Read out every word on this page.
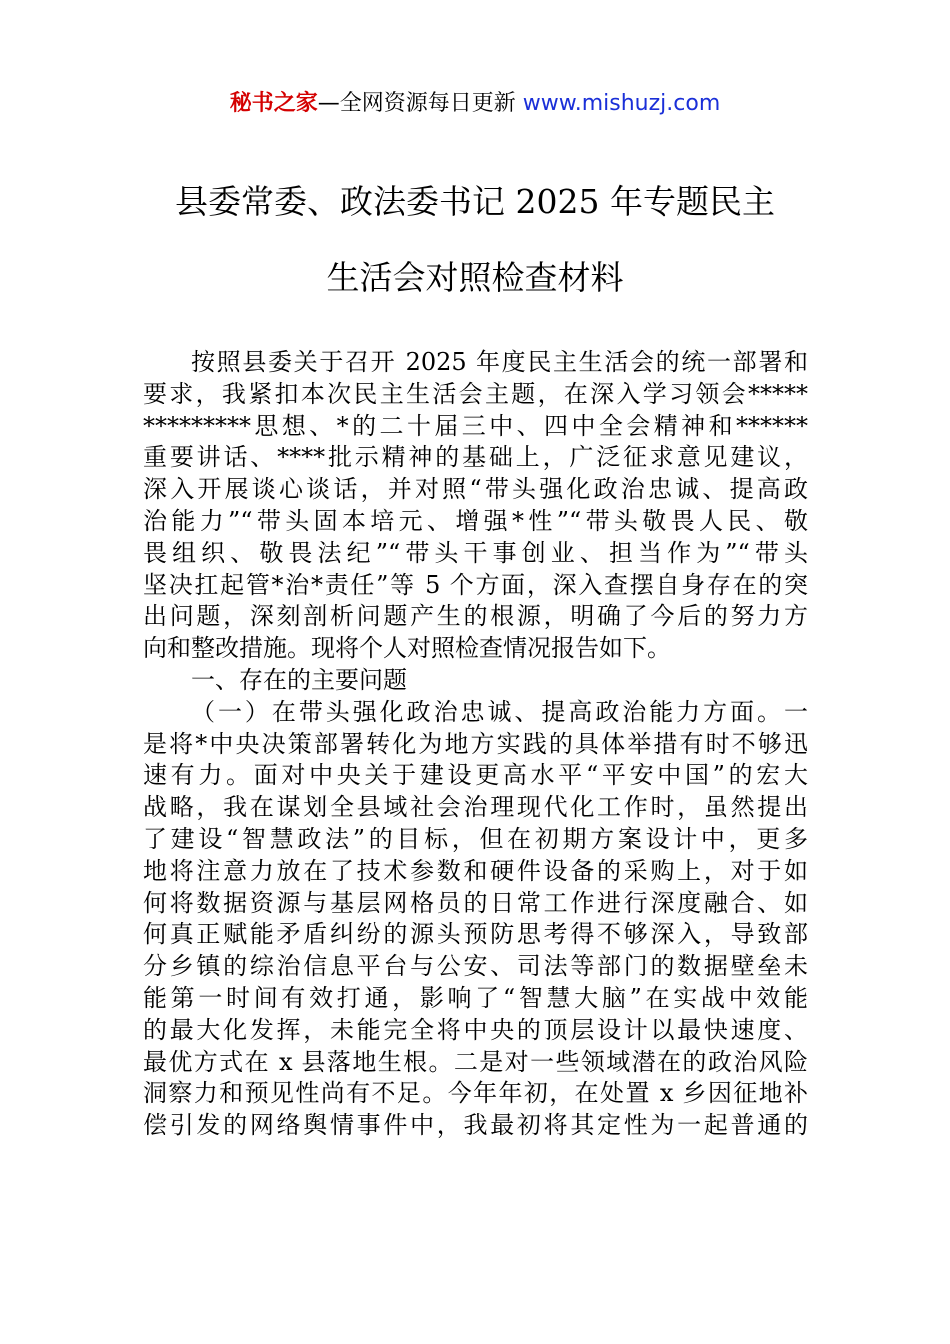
秘书之家—全网资源每日更新 www.mishuzj.com
县委常委、政法委书记 2025 年专题民主
生活会对照检查材料
按照县委关于召开 2025 年度民主生活会的统一部署和
要求，我紧扣本次民主生活会主题，在深入学习领会*****
*********思想、*的二十届三中、四中全会精神和******
重要讲话、****批示精神的基础上，广泛征求意见建议，
深入开展谈心谈话，并对照“带头强化政治忠诚、提高政
治能力”“带头固本培元、增强*性”“带头敬畏人民、敬
畏组织、敬畏法纪”“带头干事创业、担当作为”“带头
坚决扛起管*治*责任”等 5 个方面，深入查摆自身存在的突
出问题，深刻剖析问题产生的根源，明确了今后的努力方
向和整改措施。现将个人对照检查情况报告如下。
一、存在的主要问题
（一）在带头强化政治忠诚、提高政治能力方面。一
是将*中央决策部署转化为地方实践的具体举措有时不够迅
速有力。面对中央关于建设更高水平“平安中国”的宏大
战略，我在谋划全县域社会治理现代化工作时，虽然提出
了建设“智慧政法”的目标，但在初期方案设计中，更多
地将注意力放在了技术参数和硬件设备的采购上，对于如
何将数据资源与基层网格员的日常工作进行深度融合、如
何真正赋能矛盾纠纷的源头预防思考得不够深入，导致部
分乡镇的综治信息平台与公安、司法等部门的数据壁垒未
能第一时间有效打通，影响了“智慧大脑”在实战中效能
的最大化发挥，未能完全将中央的顶层设计以最快速度、
最优方式在 x 县落地生根。二是对一些领域潜在的政治风险
洞察力和预见性尚有不足。今年年初，在处置 x 乡因征地补
偿引发的网络舆情事件中，我最初将其定性为一起普通的
